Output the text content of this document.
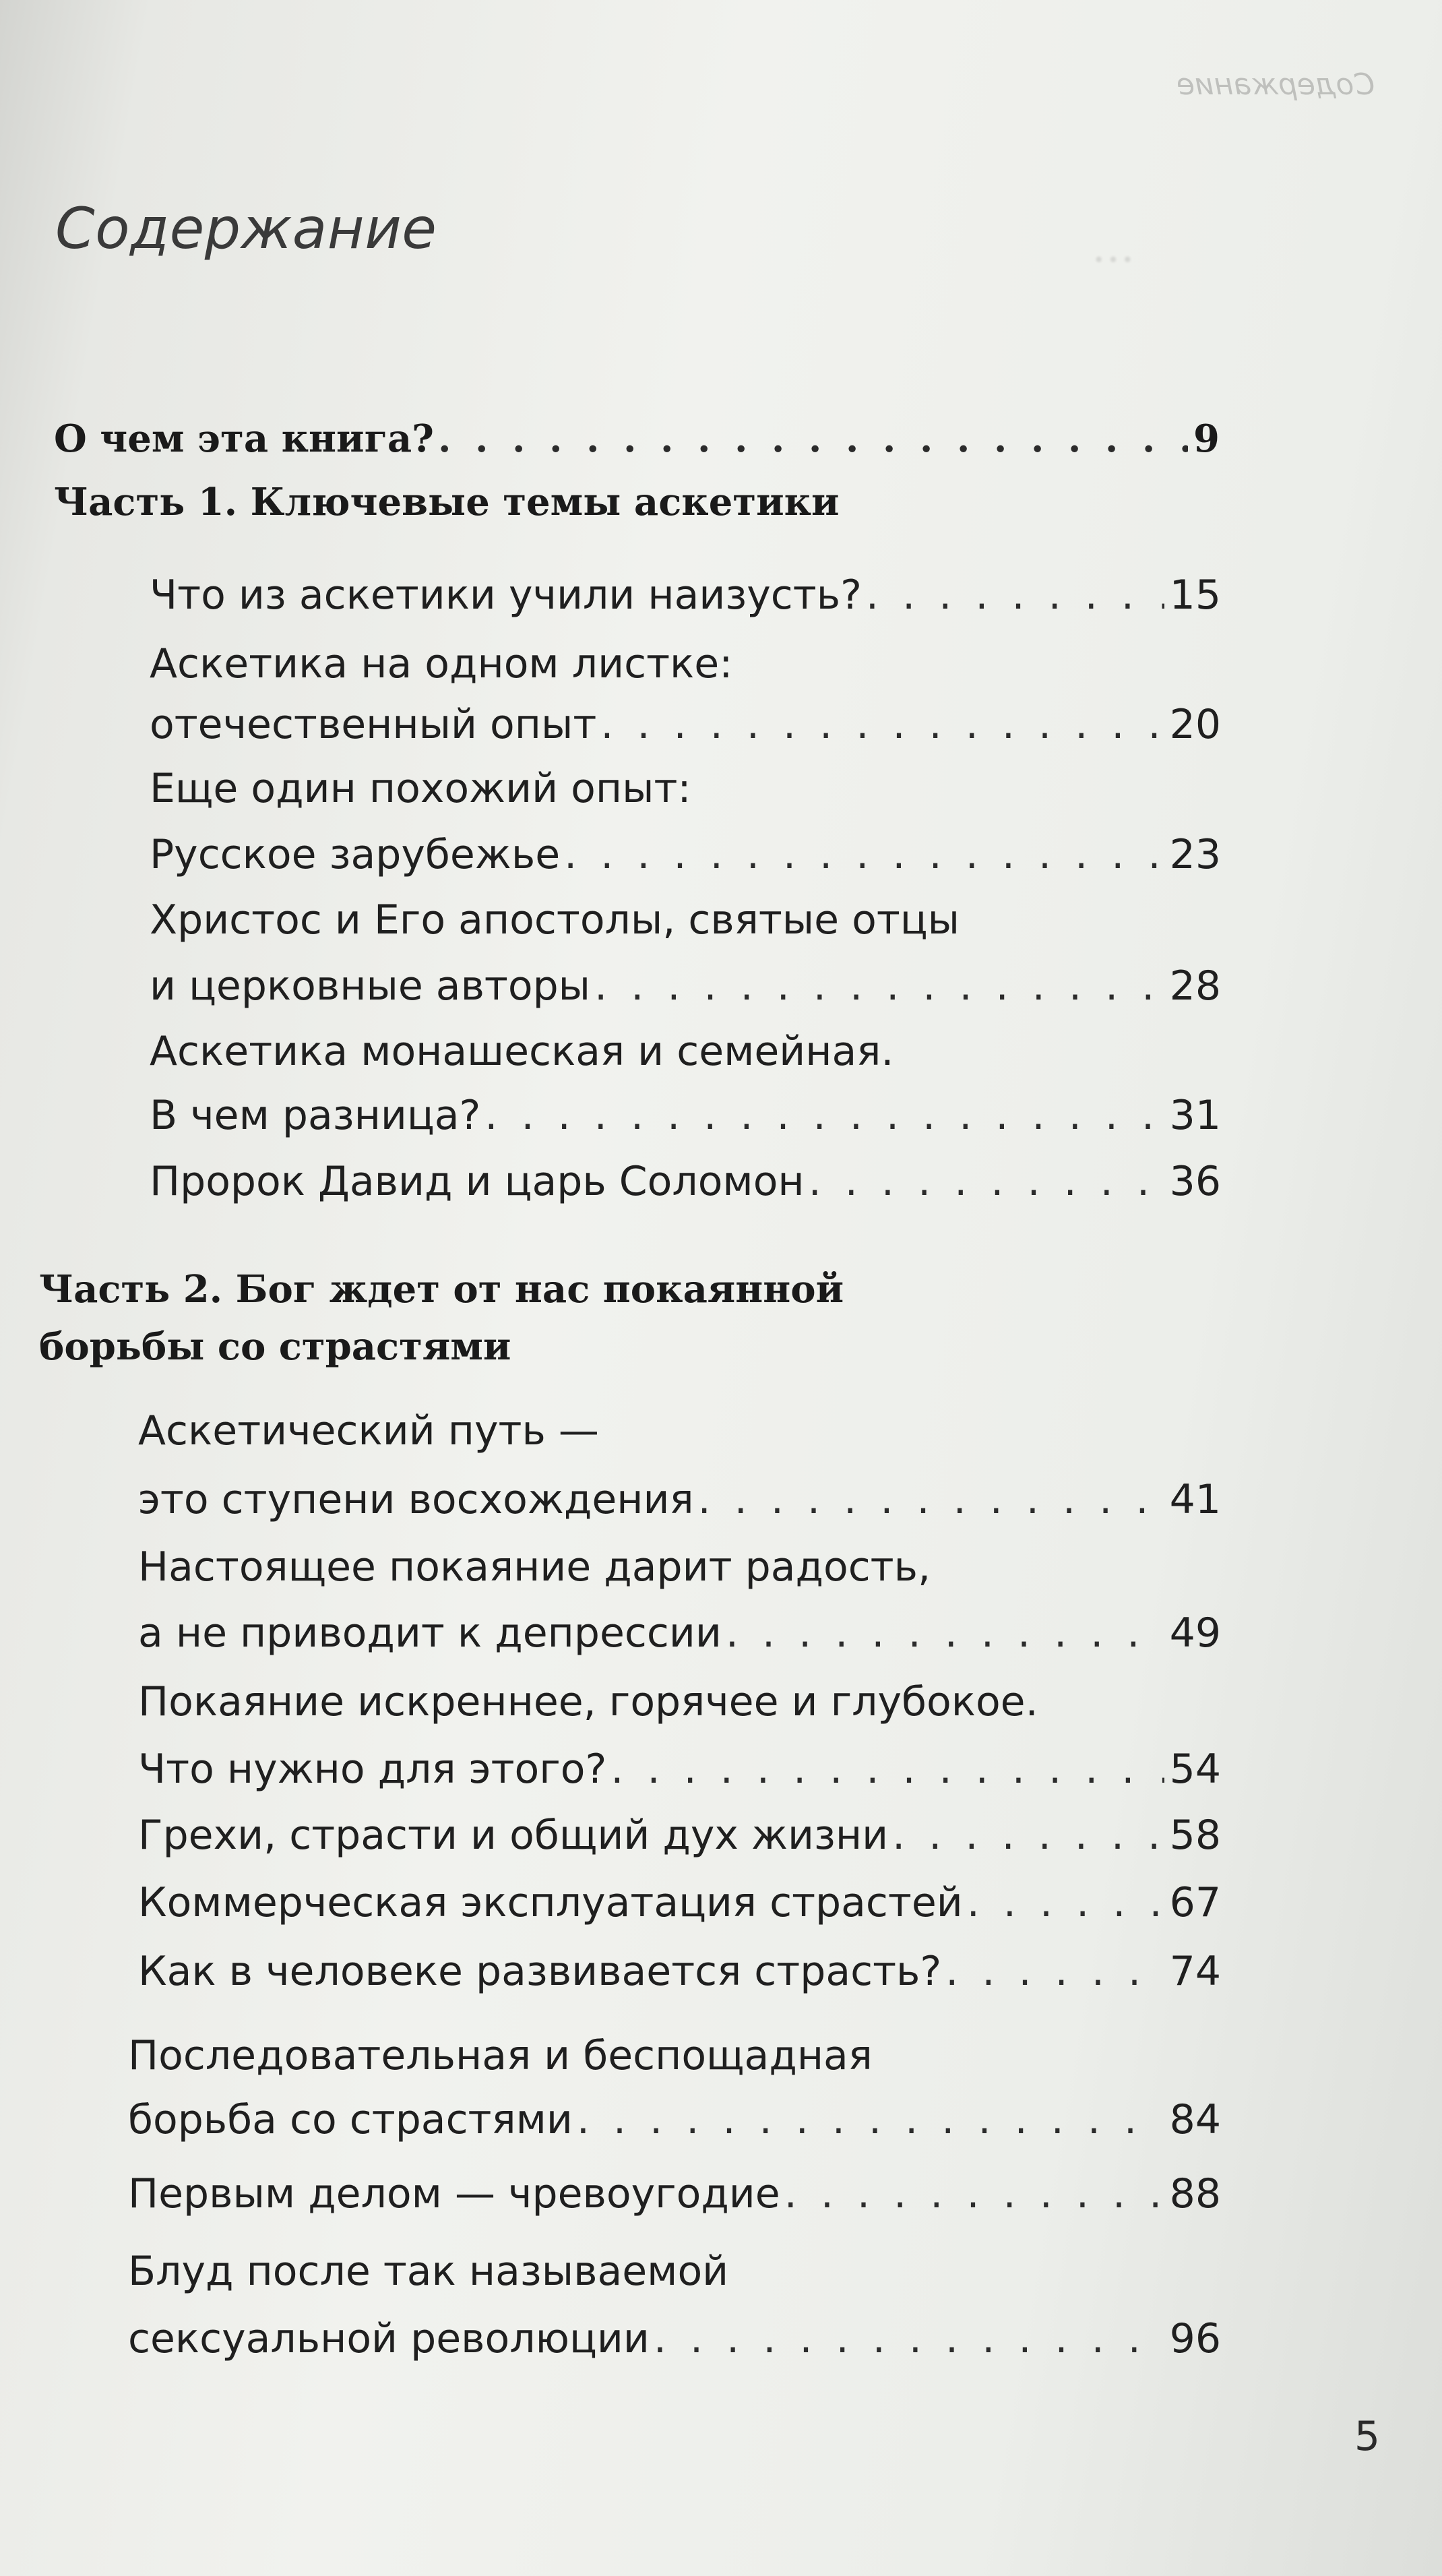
…
Содержание
Содержание
О чем эта книга? . . .	9
Часть 1. Ключевые темы аскетики
Что из аскетики учили наизусть? . . .	15
Аскетика на одном листке:
отечественный опыт . . .	20
Еще один похожий опыт:
Русское зарубежье . . .	23
Христос и Его апостолы, святые отцы
и церковные авторы . . .	28
Аскетика монашеская и семейная.
В чем разница? . . .	31
Пророк Давид и царь Соломон . . .	36
Часть 2. Бог ждет от нас покаянной
борьбы со страстями
Аскетический путь —
это ступени восхождения . . .	41
Настоящее покаяние дарит радость,
а не приводит к депрессии . . .	49
Покаяние искреннее, горячее и глубокое.
Что нужно для этого? . . .	54
Грехи, страсти и общий дух жизни . . .	58
Коммерческая эксплуатация страстей . . .	67
Как в человеке развивается страсть? . . .	74
Последовательная и беспощадная
борьба со страстями . . .	84
Первым делом — чревоугодие . . .	88
Блуд после так называемой
сексуальной революции . . .	96
5
